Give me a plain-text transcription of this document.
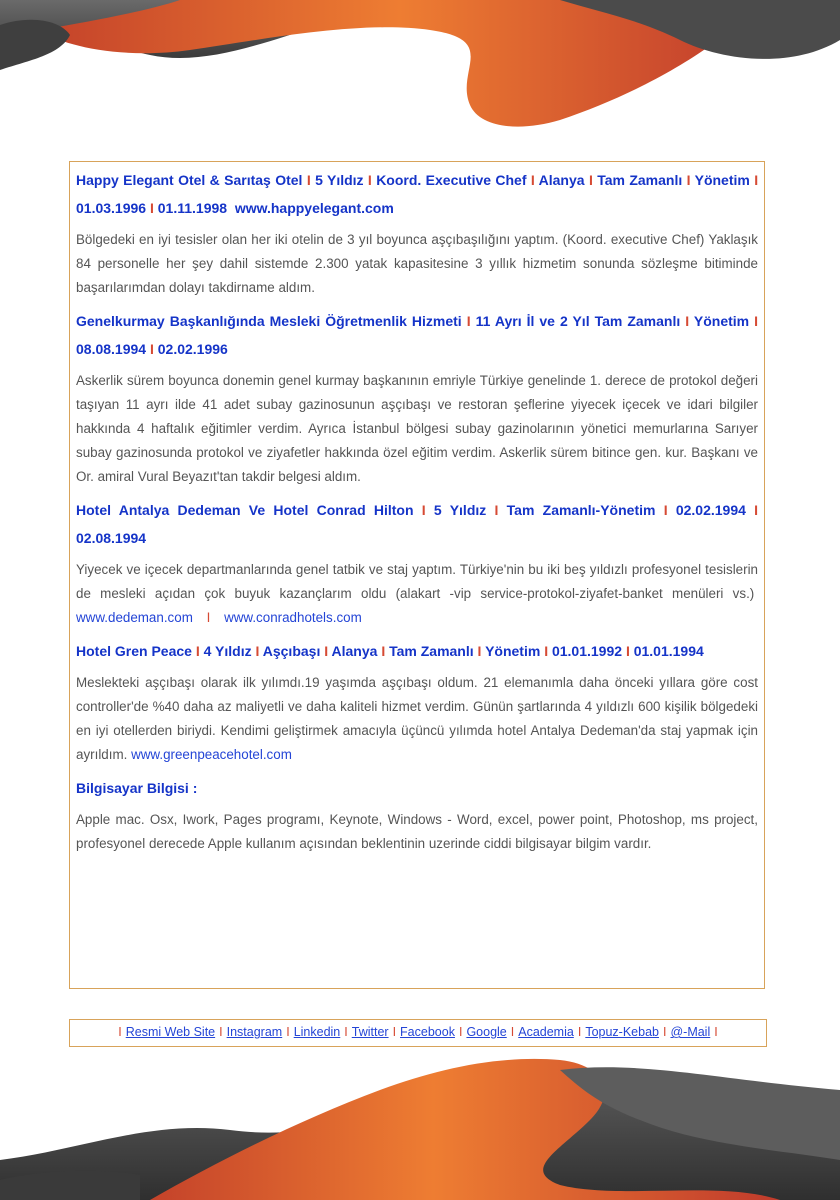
Happy Elegant Otel & Sarıtaş Otel I 5 Yıldız I Koord. Executive Chef I Alanya I Tam Zamanlı I Yönetim I01.03.1996 I 01.11.1998 www.happyelegant.com

Bölgedeki en iyi tesisler olan her iki otelin de 3 yıl boyunca aşçıbaşılığını yaptım. (Koord. executive Chef) Yaklaşık 84 personelle her şey dahil sistemde 2.300 yatak kapasitesine 3 yıllık hizmetim sonunda sözleşme bitiminde başarılarımdan dolayı takdirname aldım.

Genelkurmay Başkanlığında Mesleki Öğretmenlik Hizmeti I 11 Ayrı İl ve 2 Yıl Tam Zamanlı I Yönetim I08.08.1994 I 02.02.1996

Askerlik sürem boyunca donemin genel kurmay başkanının emriyle Türkiye genelinde 1. derece de protokol değeri taşıyan 11 ayrı ilde 41 adet subay gazinosunun aşçıbaşı ve restoran şeflerine yiyecek içecek ve idari bilgiler hakkında 4 haftalık eğitimler verdim. Ayrıca İstanbul bölgesi subay gazinolarının yönetici memurlarına Sarıyer subay gazinosunda protokol ve ziyafetler hakkında özel eğitim verdim. Askerlik sürem bitince gen. kur. Başkanı ve Or. amiral Vural Beyazıt'tan takdir belgesi aldım.

Hotel Antalya Dedeman Ve Hotel Conrad Hilton I 5 Yıldız I Tam Zamanlı-Yönetim I 02.02.1994 I02.08.1994

Yiyecek ve içecek departmanlarında genel tatbik ve staj yaptım. Türkiye'nin bu iki beş yıldızlı profesyonel tesislerin de mesleki açıdan çok buyuk kazançlarım oldu (alakart -vip service-protokol-ziyafet-banket menüleri vs.)  www.dedeman.com I www.conradhotels.com

Hotel Gren Peace I 4 Yıldız I Aşçıbaşı I Alanya I Tam Zamanlı I Yönetim I 01.01.1992 I 01.01.1994

Meslekteki aşçıbaşı olarak ilk yılımdı.19 yaşımda aşçıbaşı oldum. 21 elemanımla daha önceki yıllara göre cost controller'de %40 daha az maliyetli ve daha kaliteli hizmet verdim. Günün şartlarında 4 yıldızlı 600 kişilik bölgedeki en iyi otellerden biriydi. Kendimi geliştirmek amacıyla üçüncü yılımda hotel Antalya Dedeman'da staj yapmak için ayrıldım. www.greenpeacehotel.com

Bilgisayar Bilgisi :

Apple mac. Osx, Iwork, Pages programı, Keynote, Windows - Word, excel, power point, Photoshop, ms project, profesyonel derecede Apple kullanım açısından beklentinin uzerinde ciddi bilgisayar bilgim vardır.

I Resmi Web Site I Instagram I Linkedin I Twitter I Facebook I Google I Academia I Topuz-Kebab I @-Mail I
